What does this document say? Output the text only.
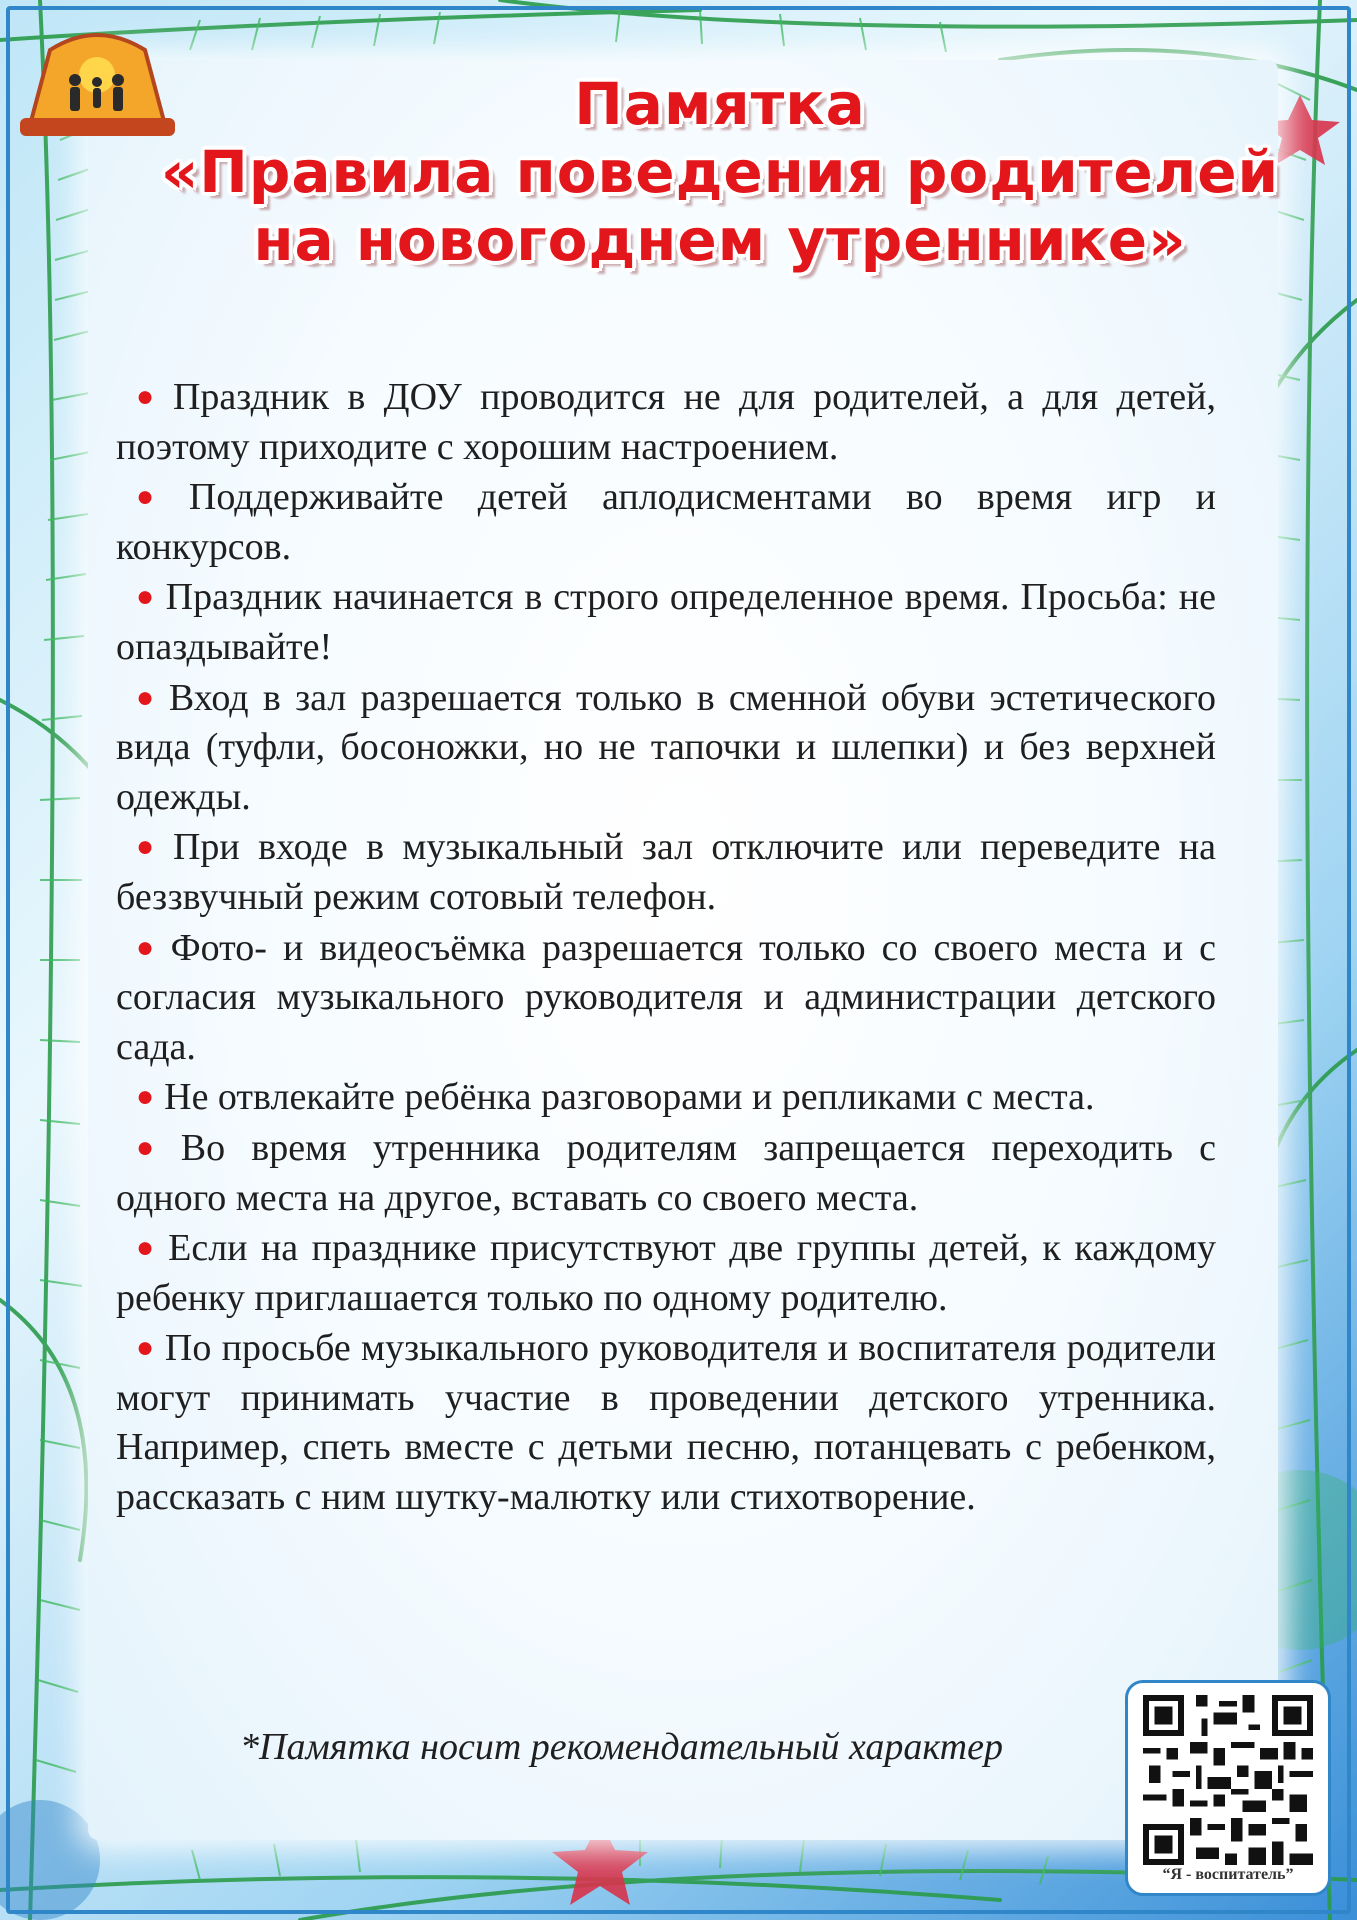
Памятка
«Правила поведения родителей
на новогоднем утреннике»
● Праздник в ДОУ проводится не для родителей, а для детей, поэтому приходите с хорошим настроением.
● Поддерживайте детей аплодисментами во время игр и конкурсов.
● Праздник начинается в строго определенное время. Просьба: не опаздывайте!
● Вход в зал разрешается только в сменной обуви эстетического вида (туфли, босоножки, но не тапочки и шлепки) и без верхней одежды.
● При входе в музыкальный зал отключите или переведите на беззвучный режим сотовый телефон.
● Фото- и видеосъёмка разрешается только со своего места и с согласия музыкального руководителя и администрации детского сада.
● Не отвлекайте ребёнка разговорами и репликами с места.
● Во время утренника родителям запрещается переходить с одного места на другое, вставать со своего места.
● Если на празднике присутствуют две группы детей, к каждому ребенку приглашается только по одному родителю.
● По просьбе музыкального руководителя и воспитателя родители могут принимать участие в проведении детского утренника. Например, спеть вместе с детьми песню, потанцевать с ребенком, рассказать с ним шутку-малютку или стихотворение.
*Памятка носит рекомендательный характер
“Я - воспитатель”
